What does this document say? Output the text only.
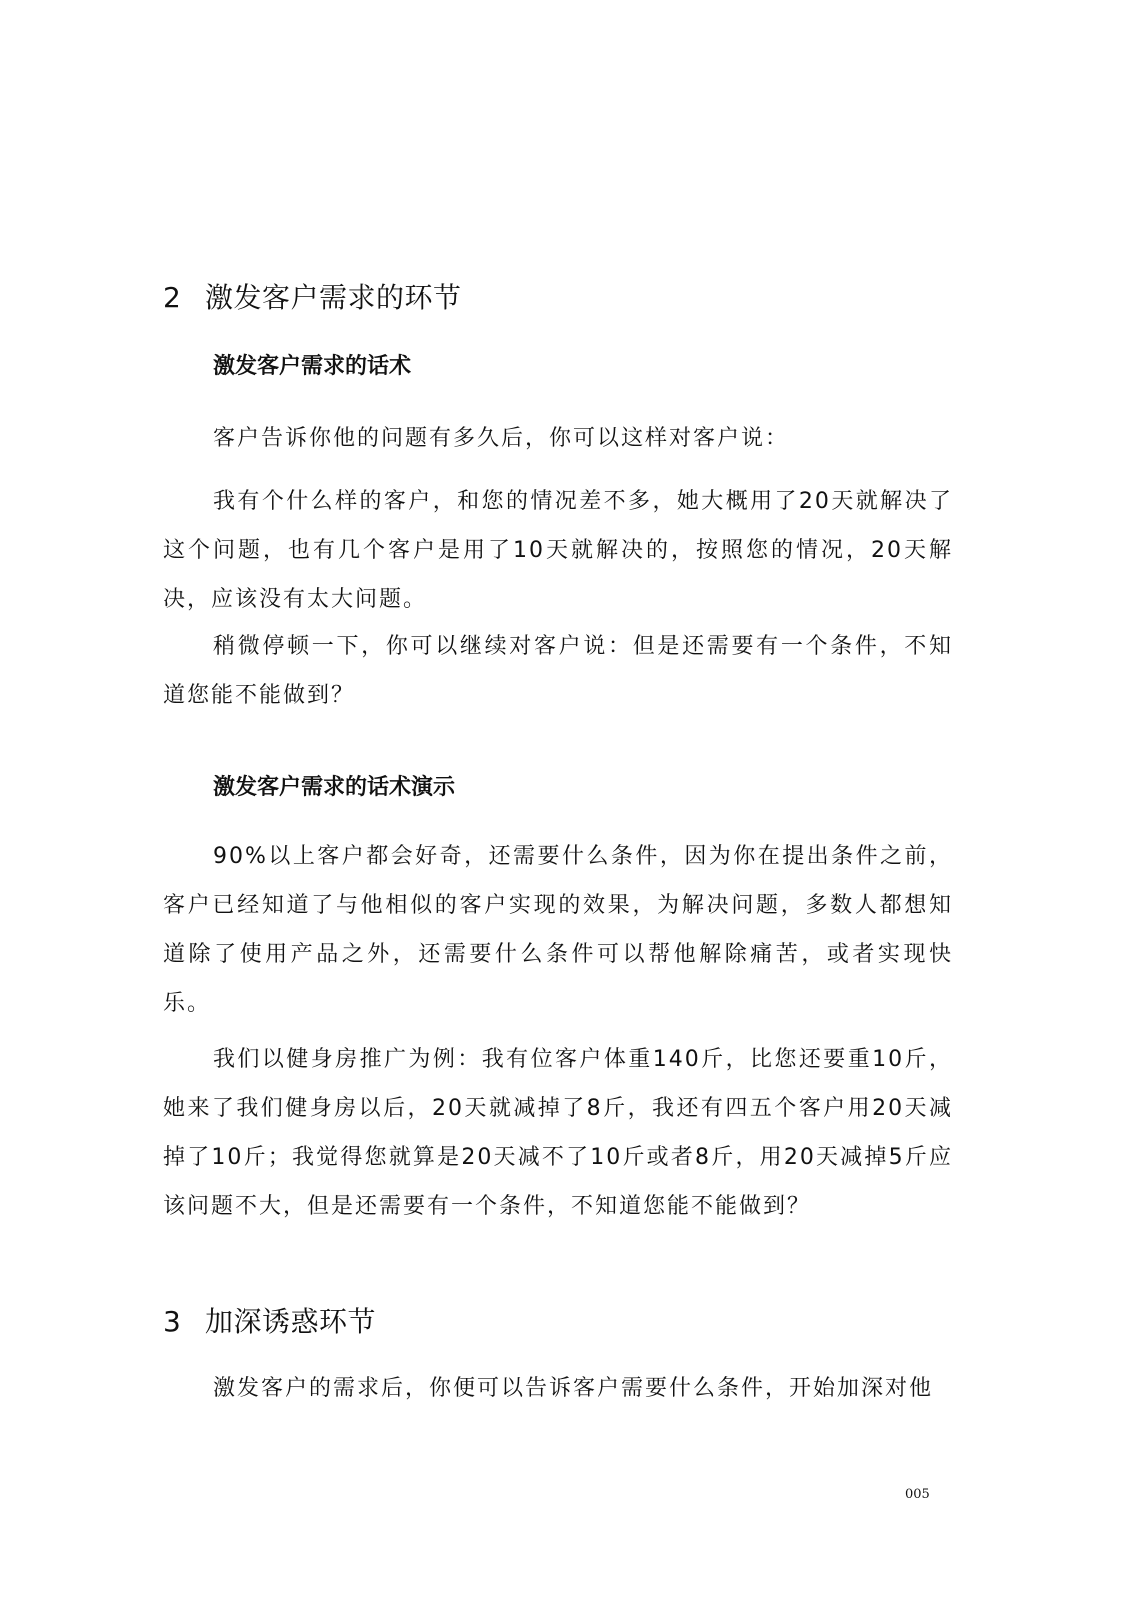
2 激发客户需求的环节
激发客户需求的话术

客户告诉你他的问题有多久后，你可以这样对客户说：

我有个什么样的客户，和您的情况差不多，她大概用了20天就解决了这个问题，也有几个客户是用了10天就解决的，按照您的情况，20天解决，应该没有太大问题。

稍微停顿一下，你可以继续对客户说：但是还需要有一个条件，不知道您能不能做到？

激发客户需求的话术演示

90%以上客户都会好奇，还需要什么条件，因为你在提出条件之前，客户已经知道了与他相似的客户实现的效果，为解决问题，多数人都想知道除了使用产品之外，还需要什么条件可以帮他解除痛苦，或者实现快乐。

我们以健身房推广为例：我有位客户体重140斤，比您还要重10斤，她来了我们健身房以后，20天就减掉了8斤，我还有四五个客户用20天减掉了10斤；我觉得您就算是20天减不了10斤或者8斤，用20天减掉5斤应该问题不大，但是还需要有一个条件，不知道您能不能做到？

3 加深诱惑环节

激发客户的需求后，你便可以告诉客户需要什么条件，开始加深对他

005
